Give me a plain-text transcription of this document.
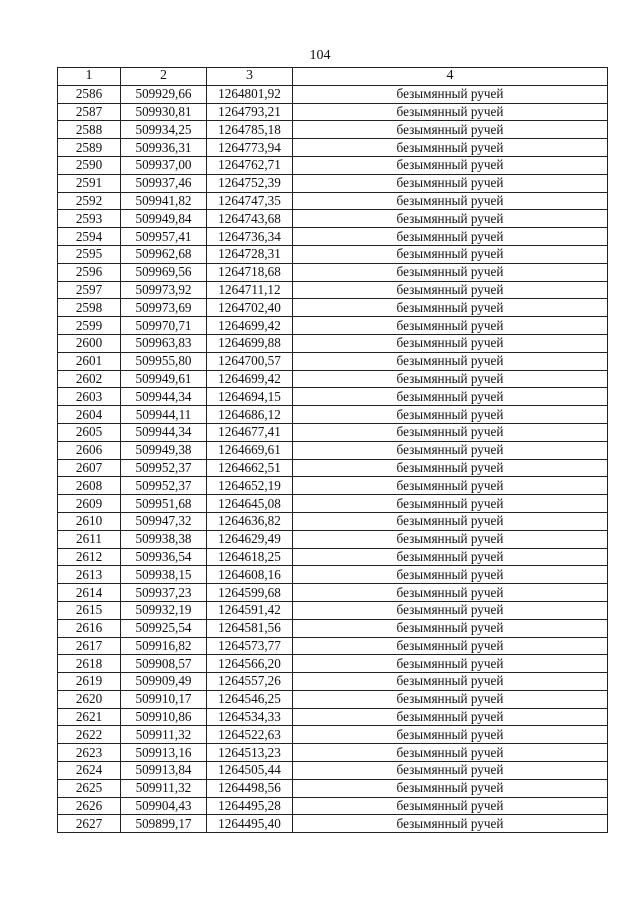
104
1	2	3	4
2586	509929,66	1264801,92	безымянный ручей
2587	509930,81	1264793,21	безымянный ручей
2588	509934,25	1264785,18	безымянный ручей
2589	509936,31	1264773,94	безымянный ручей
2590	509937,00	1264762,71	безымянный ручей
2591	509937,46	1264752,39	безымянный ручей
2592	509941,82	1264747,35	безымянный ручей
2593	509949,84	1264743,68	безымянный ручей
2594	509957,41	1264736,34	безымянный ручей
2595	509962,68	1264728,31	безымянный ручей
2596	509969,56	1264718,68	безымянный ручей
2597	509973,92	1264711,12	безымянный ручей
2598	509973,69	1264702,40	безымянный ручей
2599	509970,71	1264699,42	безымянный ручей
2600	509963,83	1264699,88	безымянный ручей
2601	509955,80	1264700,57	безымянный ручей
2602	509949,61	1264699,42	безымянный ручей
2603	509944,34	1264694,15	безымянный ручей
2604	509944,11	1264686,12	безымянный ручей
2605	509944,34	1264677,41	безымянный ручей
2606	509949,38	1264669,61	безымянный ручей
2607	509952,37	1264662,51	безымянный ручей
2608	509952,37	1264652,19	безымянный ручей
2609	509951,68	1264645,08	безымянный ручей
2610	509947,32	1264636,82	безымянный ручей
2611	509938,38	1264629,49	безымянный ручей
2612	509936,54	1264618,25	безымянный ручей
2613	509938,15	1264608,16	безымянный ручей
2614	509937,23	1264599,68	безымянный ручей
2615	509932,19	1264591,42	безымянный ручей
2616	509925,54	1264581,56	безымянный ручей
2617	509916,82	1264573,77	безымянный ручей
2618	509908,57	1264566,20	безымянный ручей
2619	509909,49	1264557,26	безымянный ручей
2620	509910,17	1264546,25	безымянный ручей
2621	509910,86	1264534,33	безымянный ручей
2622	509911,32	1264522,63	безымянный ручей
2623	509913,16	1264513,23	безымянный ручей
2624	509913,84	1264505,44	безымянный ручей
2625	509911,32	1264498,56	безымянный ручей
2626	509904,43	1264495,28	безымянный ручей
2627	509899,17	1264495,40	безымянный ручей
